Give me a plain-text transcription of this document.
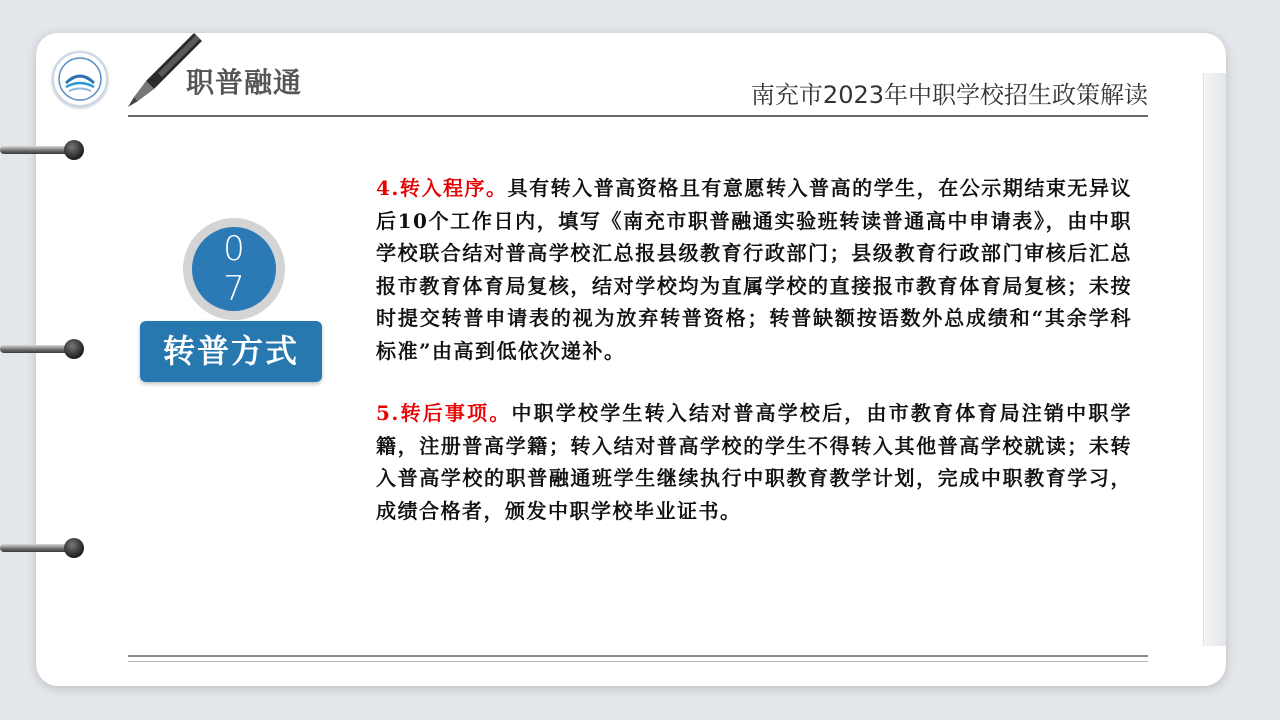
职普融通	南充市2023年中职学校招生政策解读
0
7
转普方式

4.转入程序。具有转入普高资格且有意愿转入普高的学生，在公示期结束无异议后10个工作日内，填写《南充市职普融通实验班转读普通高中申请表》，由中职学校联合结对普高学校汇总报县级教育行政部门；县级教育行政部门审核后汇总报市教育体育局复核，结对学校均为直属学校的直接报市教育体育局复核；未按时提交转普申请表的视为放弃转普资格；转普缺额按语数外总成绩和“其余学科标准”由高到低依次递补。

5.转后事项。中职学校学生转入结对普高学校后，由市教育体育局注销中职学籍，注册普高学籍；转入结对普高学校的学生不得转入其他普高学校就读；未转入普高学校的职普融通班学生继续执行中职教育教学计划，完成中职教育学习，成绩合格者，颁发中职学校毕业证书。
